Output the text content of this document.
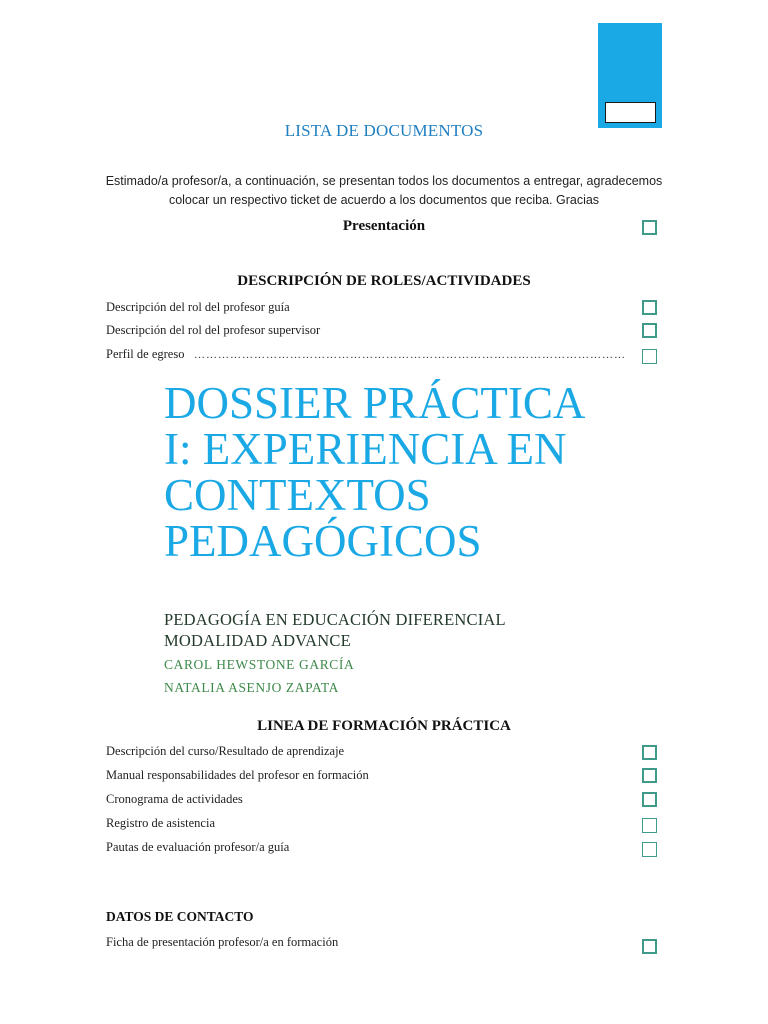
LISTA DE DOCUMENTOS
Estimado/a profesor/a, a continuación, se presentan todos los documentos a entregar, agradecemos
colocar un respectivo ticket de acuerdo a los documentos que reciba. Gracias
Presentación
DESCRIPCIÓN DE ROLES/ACTIVIDADES
Descripción del rol del profesor guía
Descripción del rol del profesor supervisor
Perfil de egreso ………………………………………………………………………………………………
DOSSIER PRÁCTICA
I: EXPERIENCIA EN
CONTEXTOS
PEDAGÓGICOS
PEDAGOGÍA EN EDUCACIÓN DIFERENCIAL
MODALIDAD ADVANCE
CAROL HEWSTONE GARCÍA
NATALIA ASENJO ZAPATA
LINEA DE FORMACIÓN PRÁCTICA
Descripción del curso/Resultado de aprendizaje
Manual responsabilidades del profesor en formación
Cronograma de actividades
Registro de asistencia
Pautas de evaluación profesor/a guía
DATOS DE CONTACTO
Ficha de presentación profesor/a en formación
